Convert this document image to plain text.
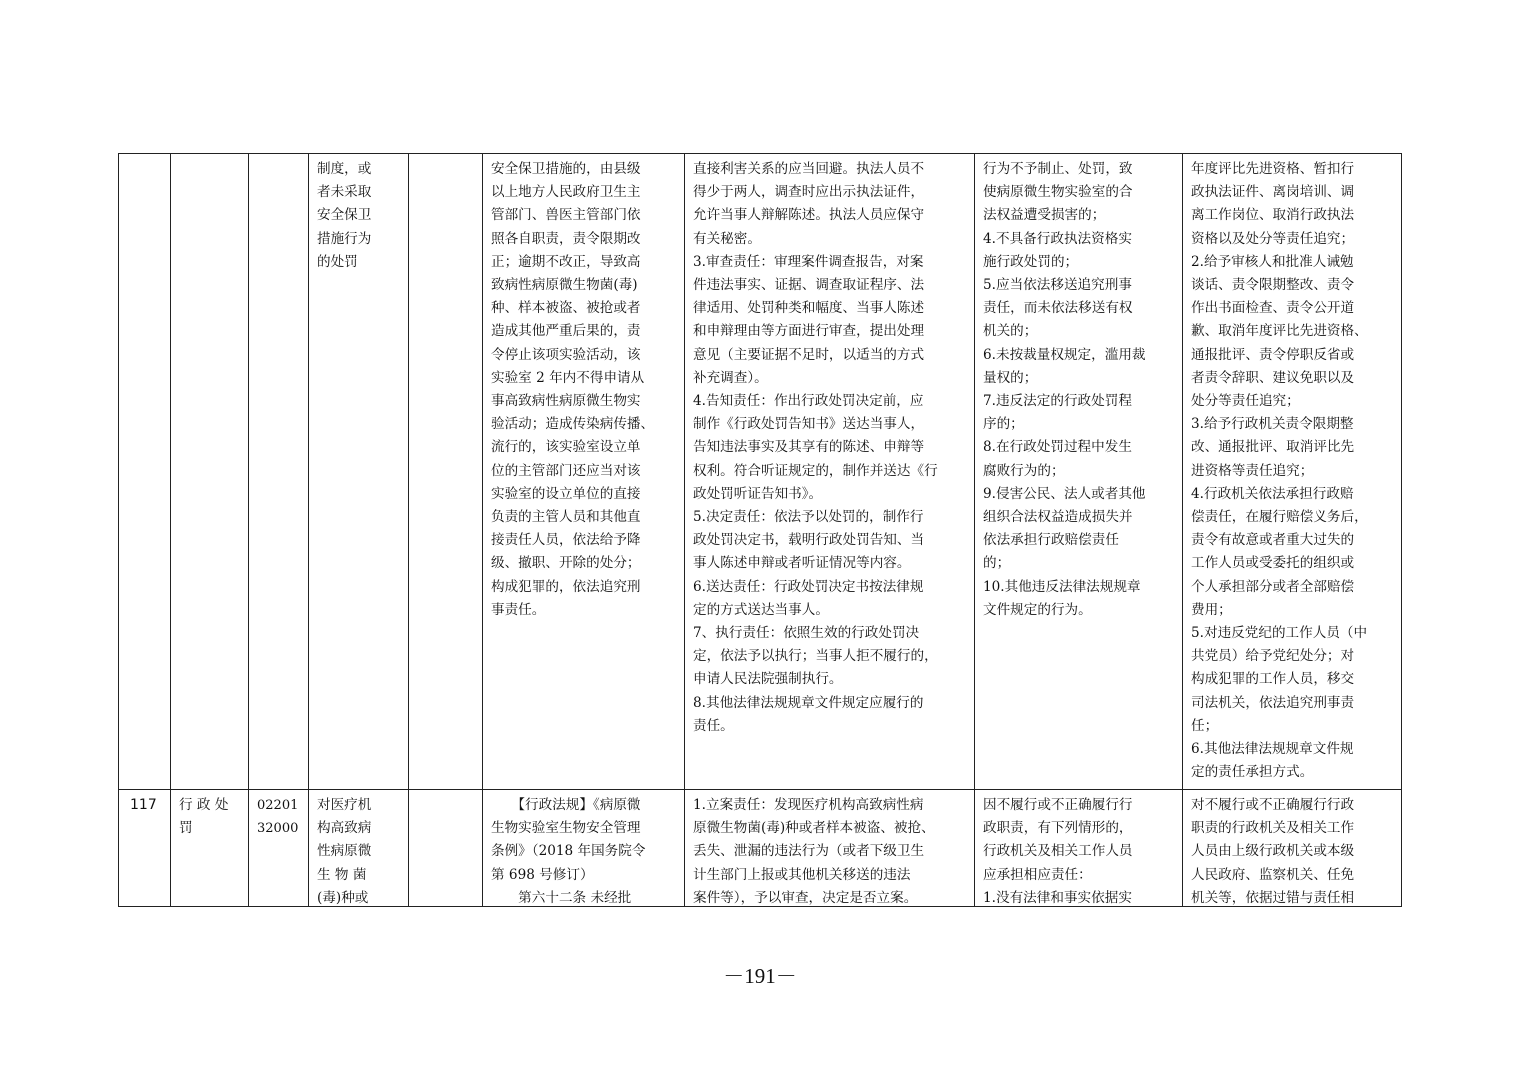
制度，或
者未采取
安全保卫
措施行为
的处罚
安全保卫措施的，由县级
以上地方人民政府卫生主
管部门、兽医主管部门依
照各自职责，责令限期改
正；逾期不改正，导致高
致病性病原微生物菌(毒)
种、样本被盗、被抢或者
造成其他严重后果的，责
令停止该项实验活动，该
实验室 2 年内不得申请从
事高致病性病原微生物实
验活动；造成传染病传播、
流行的，该实验室设立单
位的主管部门还应当对该
实验室的设立单位的直接
负责的主管人员和其他直
接责任人员，依法给予降
级、撤职、开除的处分；
构成犯罪的，依法追究刑
事责任。
直接利害关系的应当回避。执法人员不
得少于两人，调查时应出示执法证件，
允许当事人辩解陈述。执法人员应保守
有关秘密。
3.审查责任：审理案件调查报告，对案
件违法事实、证据、调查取证程序、法
律适用、处罚种类和幅度、当事人陈述
和申辩理由等方面进行审查，提出处理
意见（主要证据不足时，以适当的方式
补充调查）。
4.告知责任：作出行政处罚决定前，应
制作《行政处罚告知书》送达当事人，
告知违法事实及其享有的陈述、申辩等
权利。符合听证规定的，制作并送达《行
政处罚听证告知书》。
5.决定责任：依法予以处罚的，制作行
政处罚决定书，载明行政处罚告知、当
事人陈述申辩或者听证情况等内容。
6.送达责任：行政处罚决定书按法律规
定的方式送达当事人。
7、执行责任：依照生效的行政处罚决
定，依法予以执行；当事人拒不履行的，
申请人民法院强制执行。
8.其他法律法规规章文件规定应履行的
责任。
行为不予制止、处罚，致
使病原微生物实验室的合
法权益遭受损害的；
4.不具备行政执法资格实
施行政处罚的；
5.应当依法移送追究刑事
责任，而未依法移送有权
机关的；
6.未按裁量权规定，滥用裁
量权的；
7.违反法定的行政处罚程
序的；
8.在行政处罚过程中发生
腐败行为的；
9.侵害公民、法人或者其他
组织合法权益造成损失并
依法承担行政赔偿责任
的；
10.其他违反法律法规规章
文件规定的行为。
年度评比先进资格、暂扣行
政执法证件、离岗培训、调
离工作岗位、取消行政执法
资格以及处分等责任追究；
2.给予审核人和批准人诫勉
谈话、责令限期整改、责令
作出书面检查、责令公开道
歉、取消年度评比先进资格、
通报批评、责令停职反省或
者责令辞职、建议免职以及
处分等责任追究；
3.给予行政机关责令限期整
改、通报批评、取消评比先
进资格等责任追究；
4.行政机关依法承担行政赔
偿责任，在履行赔偿义务后，
责令有故意或者重大过失的
工作人员或受委托的组织或
个人承担部分或者全部赔偿
费用；
5.对违反党纪的工作人员（中
共党员）给予党纪处分；对
构成犯罪的工作人员，移交
司法机关，依法追究刑事责
任；
6.其他法律法规规章文件规
定的责任承担方式。
117	行 政 处
罚
02201
32000
对医疗机
构高致病
性病原微
生 物 菌
(毒)种或
　　【行政法规】《病原微
生物实验室生物安全管理
条例》（2018 年国务院令
第 698 号修订）
　　第六十二条 未经批
1.立案责任：发现医疗机构高致病性病
原微生物菌(毒)种或者样本被盗、被抢、
丢失、泄漏的违法行为（或者下级卫生
计生部门上报或其他机关移送的违法
案件等），予以审查，决定是否立案。
因不履行或不正确履行行
政职责，有下列情形的，
行政机关及相关工作人员
应承担相应责任：
1.没有法律和事实依据实
对不履行或不正确履行行政
职责的行政机关及相关工作
人员由上级行政机关或本级
人民政府、监察机关、任免
机关等，依据过错与责任相
－191－
